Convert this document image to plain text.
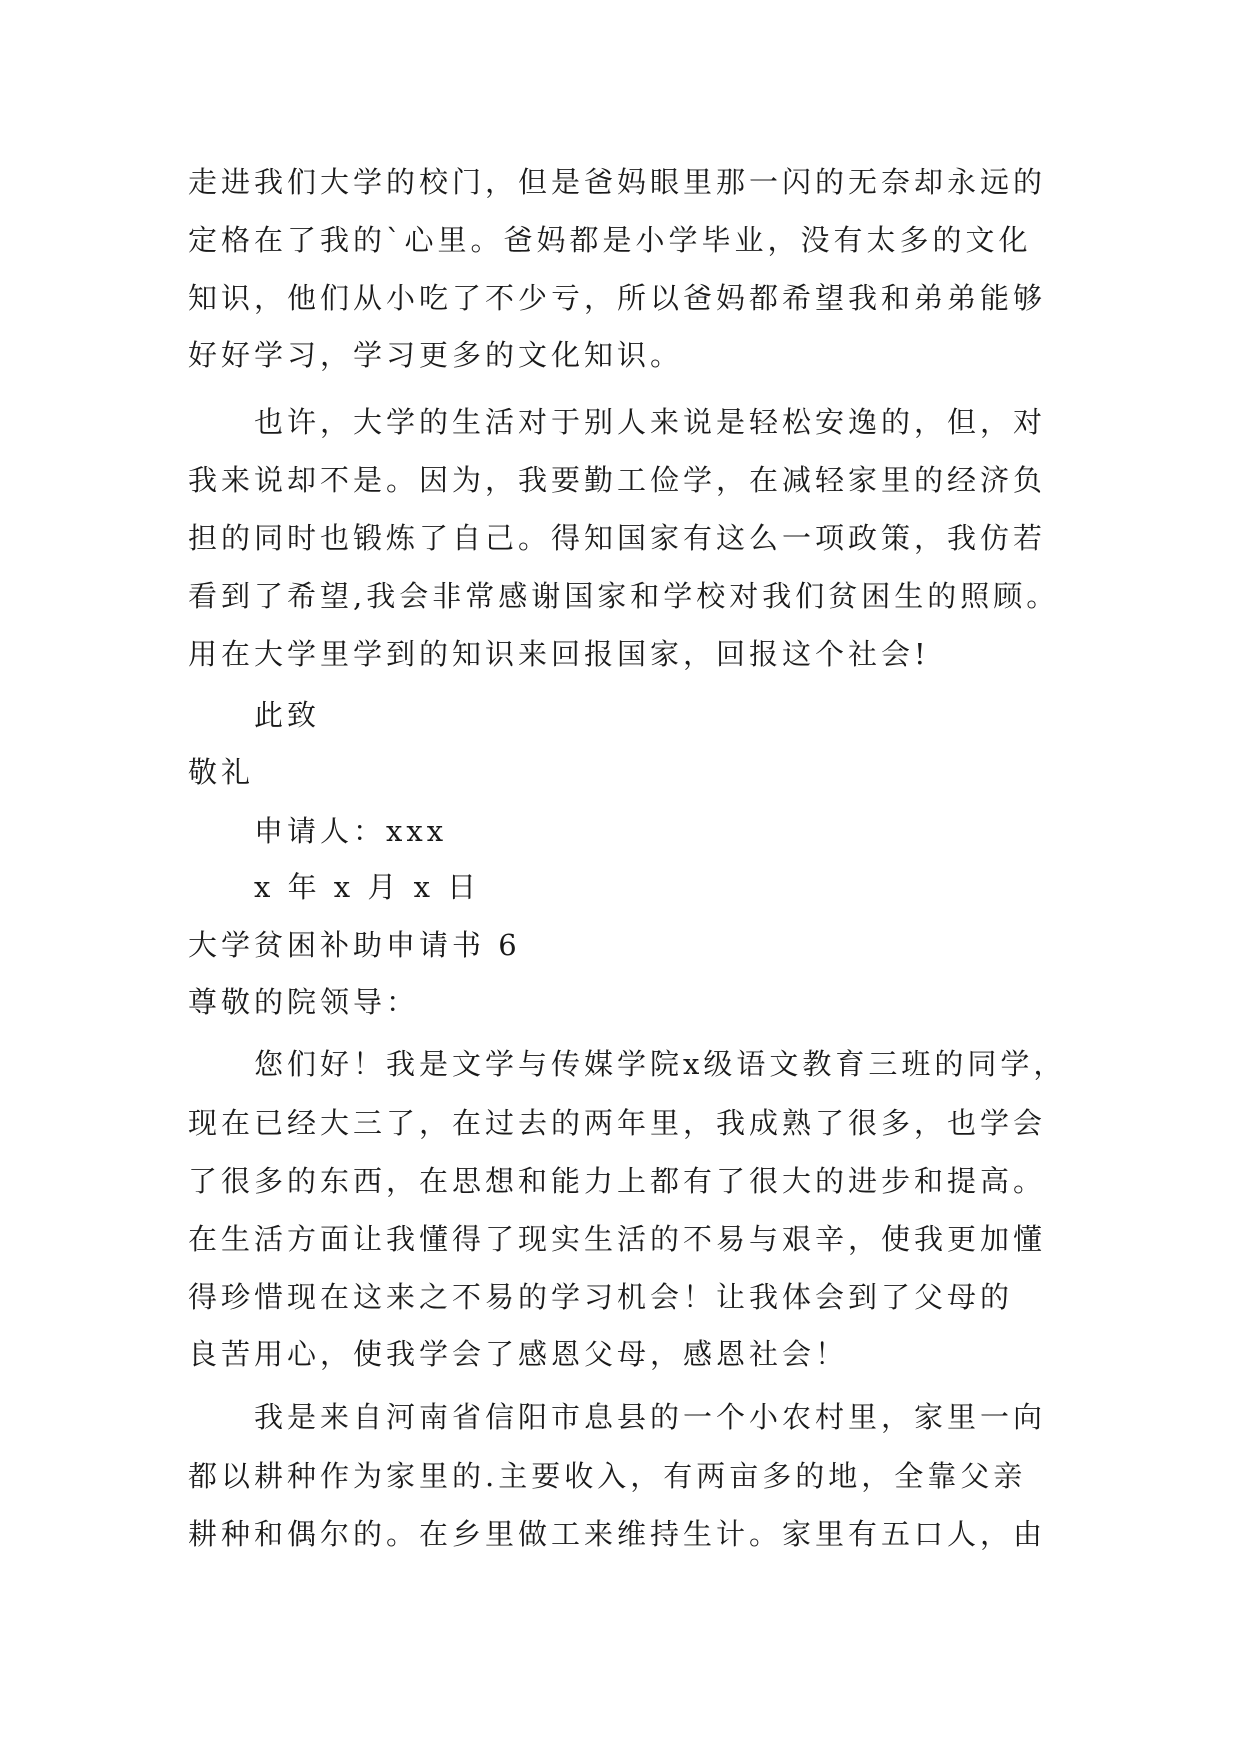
走进我们大学的校门，但是爸妈眼里那一闪的无奈却永远的

定格在了我的`心里。爸妈都是小学毕业，没有太多的文化

知识，他们从小吃了不少亏，所以爸妈都希望我和弟弟能够

好好学习，学习更多的文化知识。

也许，大学的生活对于别人来说是轻松安逸的，但，对

我来说却不是。因为，我要勤工俭学，在减轻家里的经济负

担的同时也锻炼了自己。得知国家有这么一项政策，我仿若

看到了希望,我会非常感谢国家和学校对我们贫困生的照顾。

用在大学里学到的知识来回报国家，回报这个社会!

此致

敬礼

申请人：xxx

x 年 x 月 x 日

大学贫困补助申请书 6

尊敬的院领导：

您们好！我是文学与传媒学院x级语文教育三班的同学，

现在已经大三了，在过去的两年里，我成熟了很多，也学会

了很多的东西，在思想和能力上都有了很大的进步和提高。

在生活方面让我懂得了现实生活的不易与艰辛，使我更加懂

得珍惜现在这来之不易的学习机会！让我体会到了父母的

良苦用心，使我学会了感恩父母，感恩社会！

我是来自河南省信阳市息县的一个小农村里，家里一向

都以耕种作为家里的.主要收入，有两亩多的地，全靠父亲

耕种和偶尔的。在乡里做工来维持生计。家里有五口人，由
